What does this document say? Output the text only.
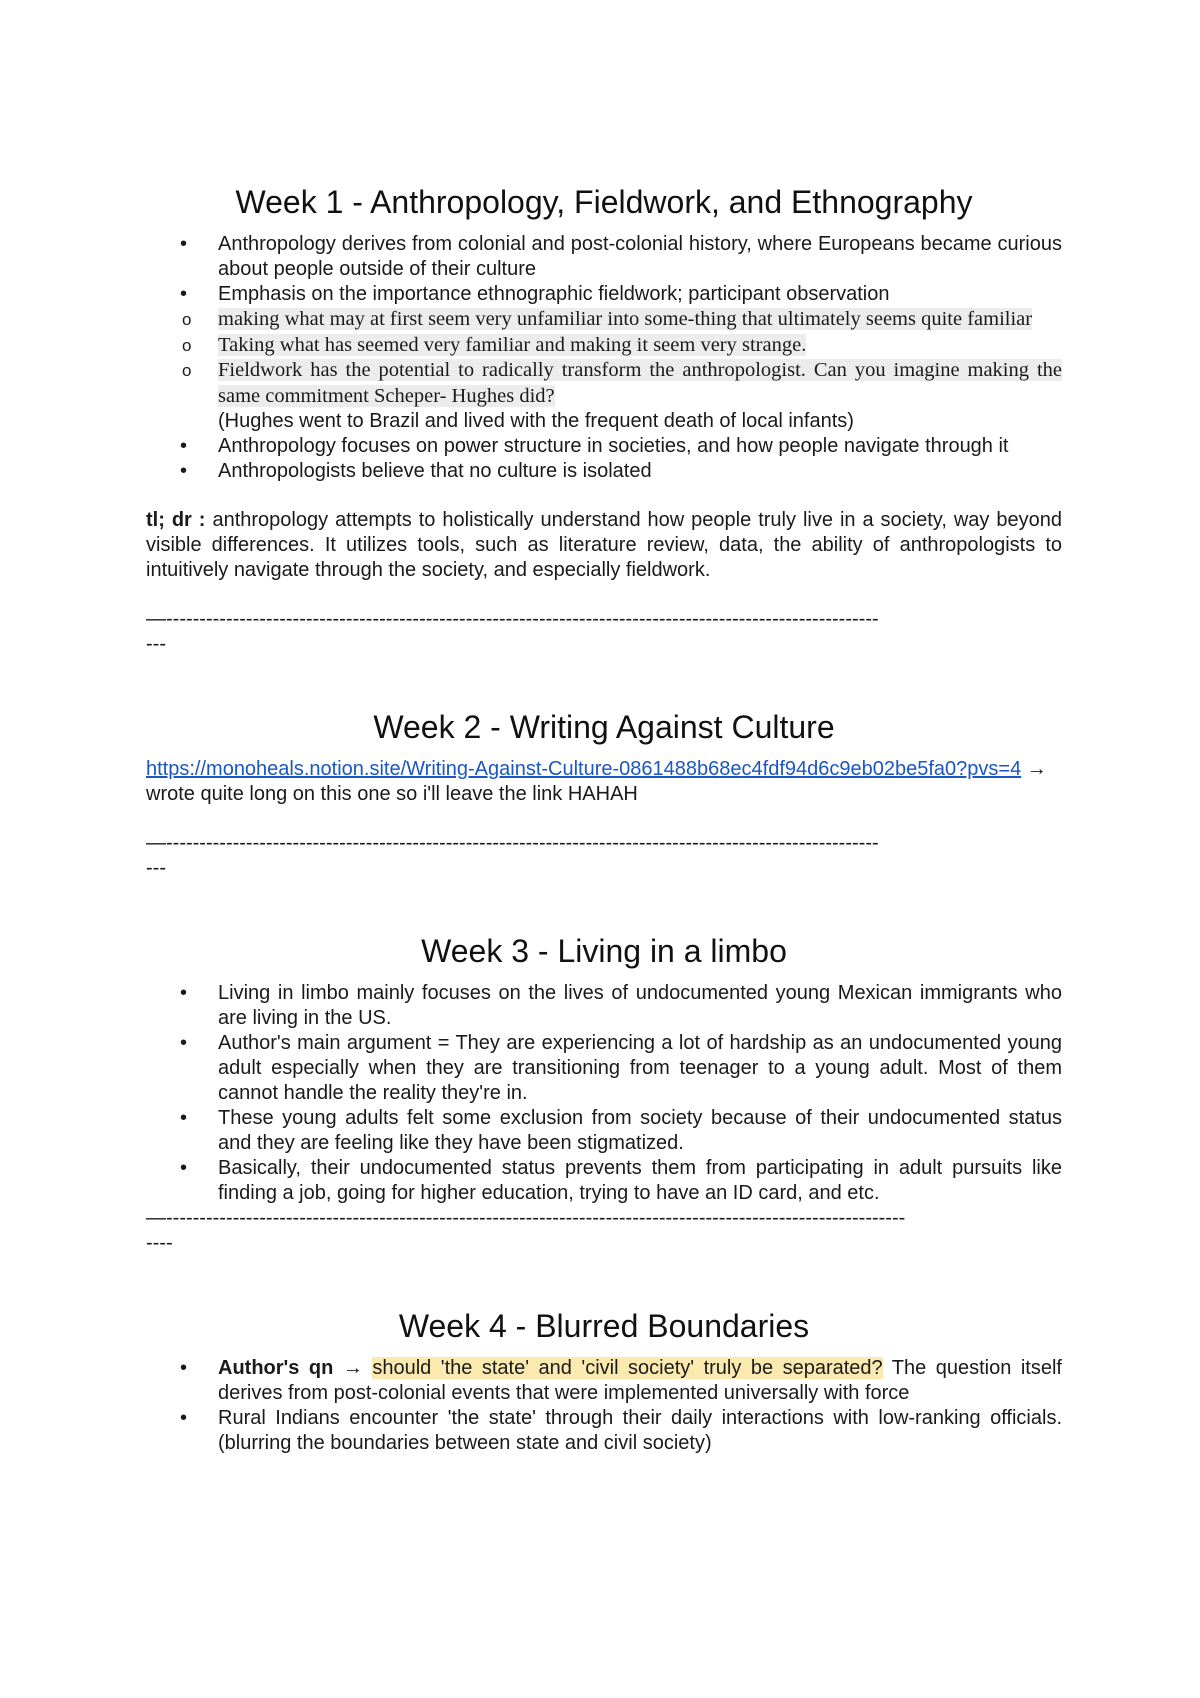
Week 1 - Anthropology, Fieldwork, and Ethnography
• Anthropology derives from colonial and post-colonial history, where Europeans became curious about people outside of their culture
• Emphasis on the importance ethnographic fieldwork; participant observation
o making what may at first seem very unfamiliar into some-thing that ultimately seems quite familiar
o Taking what has seemed very familiar and making it seem very strange.
o Fieldwork has the potential to radically transform the anthropologist. Can you imagine making the same commitment Scheper- Hughes did?
(Hughes went to Brazil and lived with the frequent death of local infants)
• Anthropology focuses on power structure in societies, and how people navigate through it
• Anthropologists believe that no culture is isolated

tl; dr : anthropology attempts to holistically understand how people truly live in a society, way beyond visible differences. It utilizes tools, such as literature review, data, the ability of anthropologists to intuitively navigate through the society, and especially fieldwork.

—-----------------------------------------------------------------------------------------------------------
---
Week 2 - Writing Against Culture

https://monoheals.notion.site/Writing-Against-Culture-0861488b68ec4fdf94d6c9eb02be5fa0?pvs=4 → wrote quite long on this one so i'll leave the link HAHAH

—-----------------------------------------------------------------------------------------------------------
---
Week 3 - Living in a limbo
• Living in limbo mainly focuses on the lives of undocumented young Mexican immigrants who are living in the US.
• Author's main argument = They are experiencing a lot of hardship as an undocumented young adult especially when they are transitioning from teenager to a young adult. Most of them cannot handle the reality they're in.
• These young adults felt some exclusion from society because of their undocumented status and they are feeling like they have been stigmatized.
• Basically, their undocumented status prevents them from participating in adult pursuits like finding a job, going for higher education, trying to have an ID card, and etc.
—---------------------------------------------------------------------------------------------------------------
----
Week 4 - Blurred Boundaries
• Author's qn → should 'the state' and 'civil society' truly be separated? The question itself derives from post-colonial events that were implemented universally with force
• Rural Indians encounter 'the state' through their daily interactions with low-ranking officials. (blurring the boundaries between state and civil society)
